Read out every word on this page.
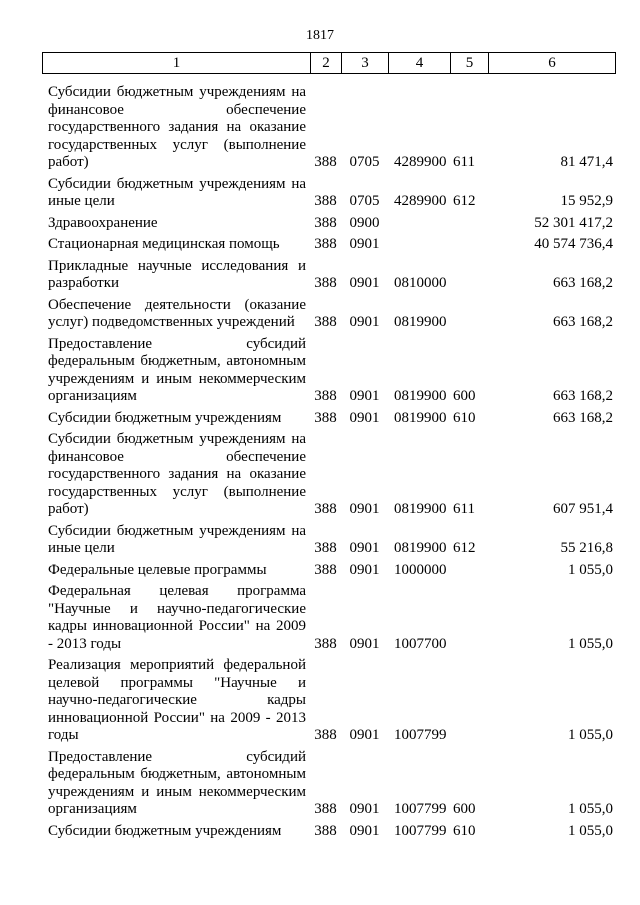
1817
1	2	3	4	5	6
Субсидии бюджетным учреждениям на финансовое обеспечение государственного задания на оказание государственных услуг (выполнение работ)	388	0705	4289900	611	81 471,4
Субсидии бюджетным учреждениям на иные цели	388	0705	4289900	612	15 952,9
Здравоохранение	388	0900			52 301 417,2
Стационарная медицинская помощь	388	0901			40 574 736,4
Прикладные научные исследования и разработки	388	0901	0810000		663 168,2
Обеспечение деятельности (оказание услуг) подведомственных учреждений	388	0901	0819900		663 168,2
Предоставление субсидий федеральным бюджетным, автономным учреждениям и иным некоммерческим организациям	388	0901	0819900	600	663 168,2
Субсидии бюджетным учреждениям	388	0901	0819900	610	663 168,2
Субсидии бюджетным учреждениям на финансовое обеспечение государственного задания на оказание государственных услуг (выполнение работ)	388	0901	0819900	611	607 951,4
Субсидии бюджетным учреждениям на иные цели	388	0901	0819900	612	55 216,8
Федеральные целевые программы	388	0901	1000000		1 055,0
Федеральная целевая программа "Научные и научно-педагогические кадры инновационной России" на 2009 - 2013 годы	388	0901	1007700		1 055,0
Реализация мероприятий федеральной целевой программы "Научные и научно-педагогические кадры инновационной России" на 2009 - 2013 годы	388	0901	1007799		1 055,0
Предоставление субсидий федеральным бюджетным, автономным учреждениям и иным некоммерческим организациям	388	0901	1007799	600	1 055,0
Субсидии бюджетным учреждениям	388	0901	1007799	610	1 055,0
